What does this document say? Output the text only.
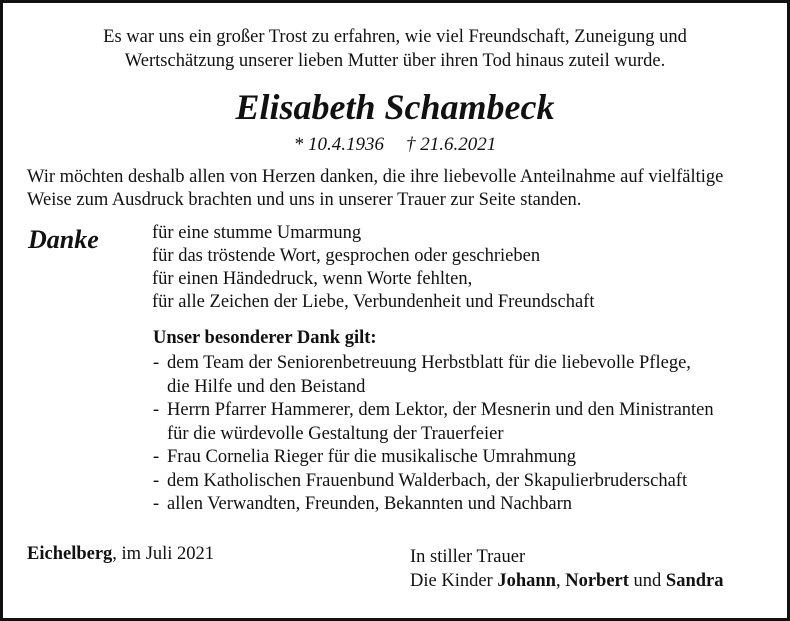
Es war uns ein großer Trost zu erfahren, wie viel Freundschaft, Zuneigung und
Wertschätzung unserer lieben Mutter über ihren Tod hinaus zuteil wurde.
Elisabeth Schambeck
* 10.4.1936 † 21.6.2021
Wir möchten deshalb allen von Herzen danken, die ihre liebevolle Anteilnahme auf vielfältige
Weise zum Ausdruck brachten und uns in unserer Trauer zur Seite standen.
Danke	für eine stumme Umarmung
für das tröstende Wort, gesprochen oder geschrieben
für einen Händedruck, wenn Worte fehlten,
für alle Zeichen der Liebe, Verbundenheit und Freundschaft
Unser besonderer Dank gilt:
- dem Team der Seniorenbetreuung Herbstblatt für die liebevolle Pflege,
die Hilfe und den Beistand
- Herrn Pfarrer Hammerer, dem Lektor, der Mesnerin und den Ministranten
für die würdevolle Gestaltung der Trauerfeier
- Frau Cornelia Rieger für die musikalische Umrahmung
- dem Katholischen Frauenbund Walderbach, der Skapulierbruderschaft
- allen Verwandten, Freunden, Bekannten und Nachbarn
Eichelberg, im Juli 2021	In stiller Trauer
Die Kinder Johann, Norbert und Sandra
